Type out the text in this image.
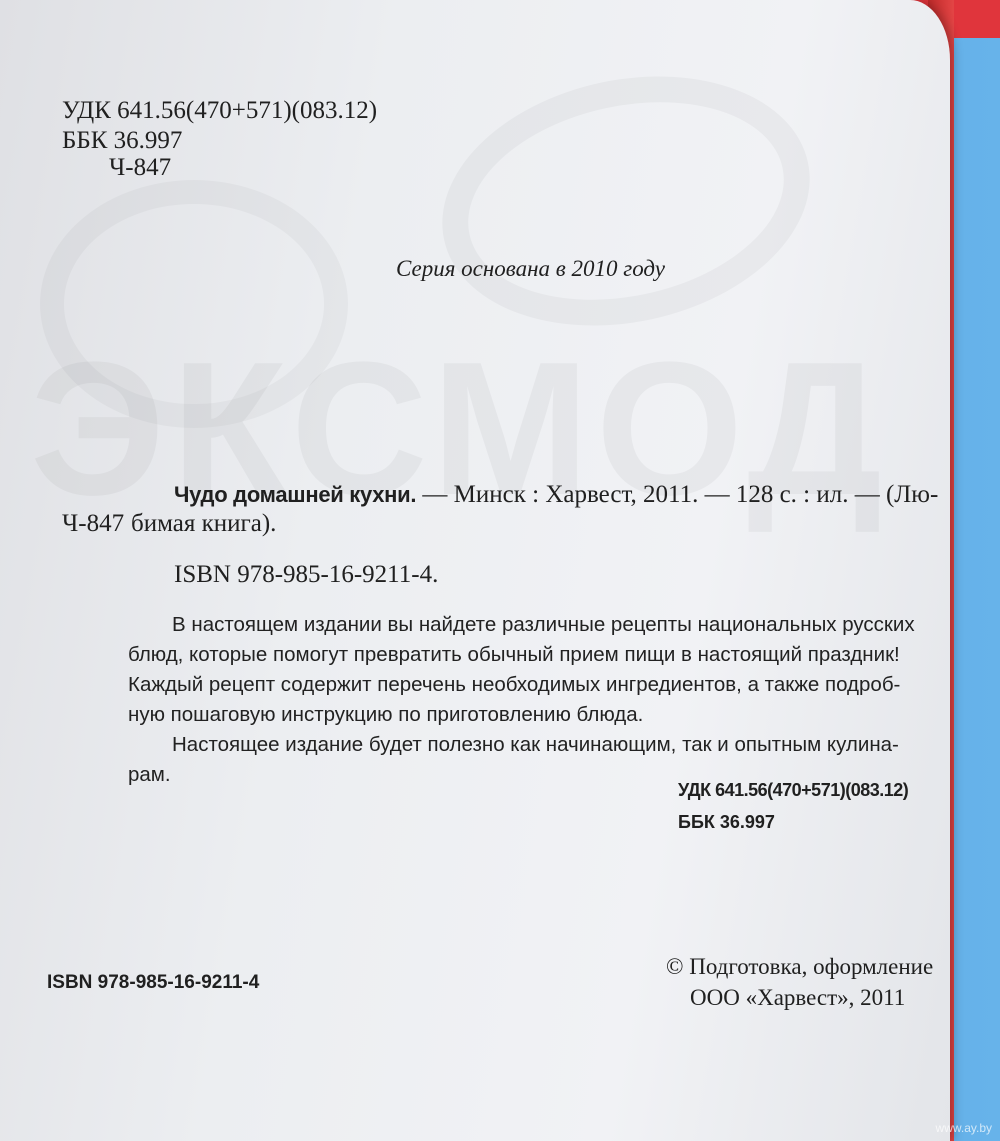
УДК 641.56(470+571)(083.12)
ББК 36.997
Ч-847
Серия основана в 2010 году
Чудо домашней кухни. — Минск : Харвест, 2011. — 128 с. : ил. — (Лю-
Ч-847 бимая книга).
ISBN 978-985-16-9211-4.
В настоящем издании вы найдете различные рецепты национальных русских
блюд, которые помогут превратить обычный прием пищи в настоящий праздник!
Каждый рецепт содержит перечень необходимых ингредиентов, а также подроб-
ную пошаговую инструкцию по приготовлению блюда.
Настоящее издание будет полезно как начинающим, так и опытным кулина-
рам.
УДК 641.56(470+571)(083.12)
ББК 36.997
ISBN 978-985-16-9211-4
© Подготовка, оформление
ООО «Харвест», 2011
www.ay.by
